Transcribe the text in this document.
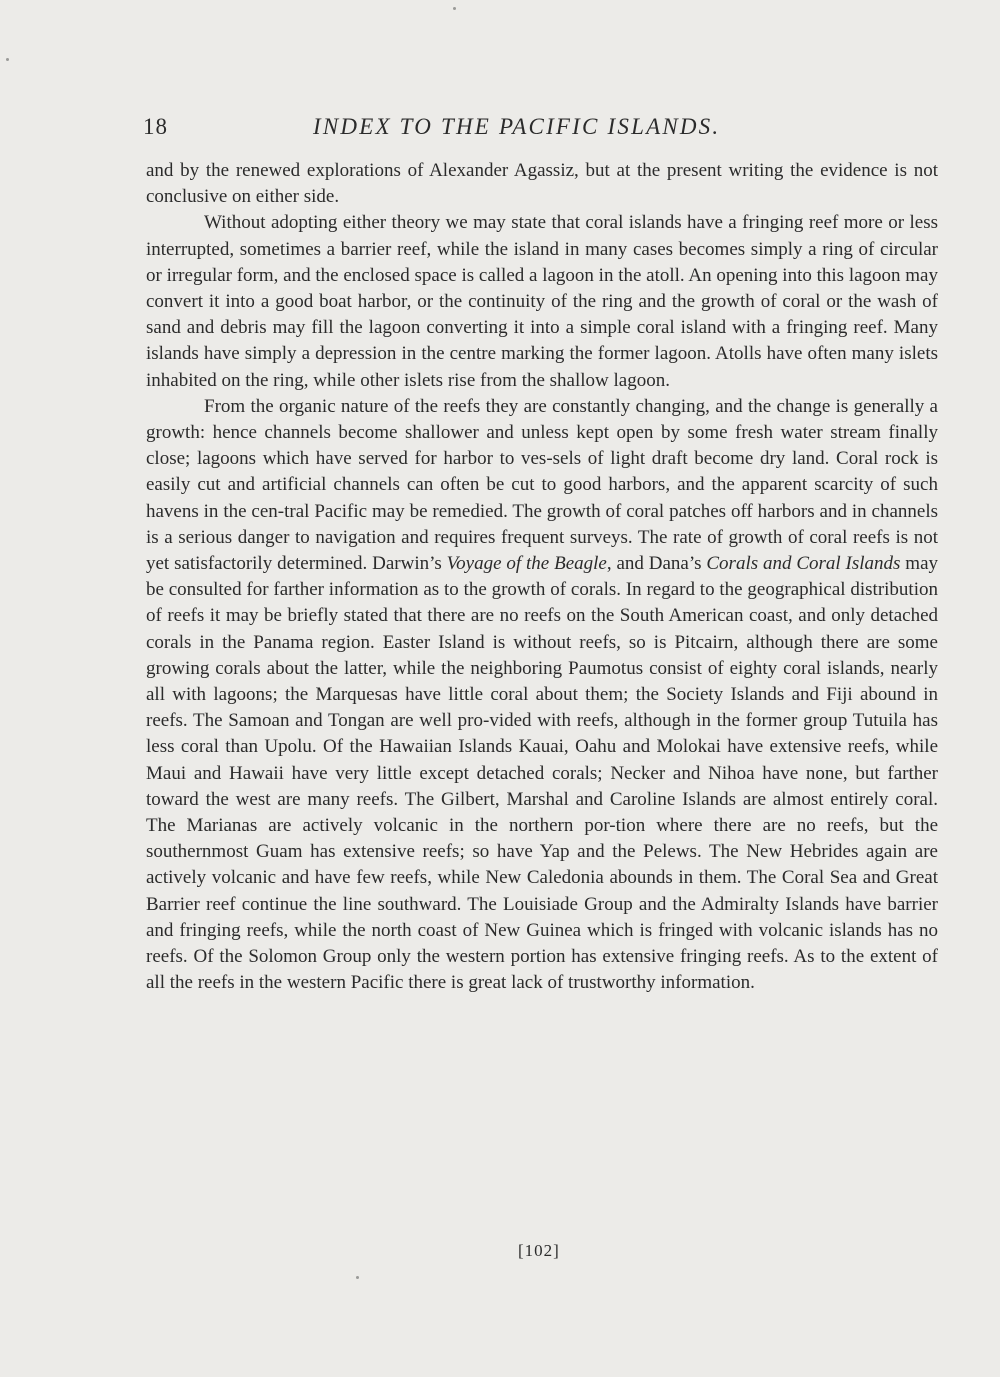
18	INDEX TO THE PACIFIC ISLANDS.

and by the renewed explorations of Alexander Agassiz, but at the present writing the evidence is not conclusive on either side.

Without adopting either theory we may state that coral islands have a fringing reef more or less interrupted, sometimes a barrier reef, while the island in many cases becomes simply a ring of circular or irregular form, and the enclosed space is called a lagoon in the atoll. An opening into this lagoon may convert it into a good boat harbor, or the continuity of the ring and the growth of coral or the wash of sand and debris may fill the lagoon converting it into a simple coral island with a fringing reef. Many islands have simply a depression in the centre marking the former lagoon. Atolls have often many islets inhabited on the ring, while other islets rise from the shallow lagoon.

From the organic nature of the reefs they are constantly changing, and the change is generally a growth: hence channels become shallower and unless kept open by some fresh water stream finally close; lagoons which have served for harbor to ves-sels of light draft become dry land. Coral rock is easily cut and artificial channels can often be cut to good harbors, and the apparent scarcity of such havens in the cen-tral Pacific may be remedied. The growth of coral patches off harbors and in channels is a serious danger to navigation and requires frequent surveys. The rate of growth of coral reefs is not yet satisfactorily determined. Darwin’s Voyage of the Beagle, and Dana’s Corals and Coral Islands may be consulted for farther information as to the growth of corals. In regard to the geographical distribution of reefs it may be briefly stated that there are no reefs on the South American coast, and only detached corals in the Panama region. Easter Island is without reefs, so is Pitcairn, although there are some growing corals about the latter, while the neighboring Paumotus consist of eighty coral islands, nearly all with lagoons; the Marquesas have little coral about them; the Society Islands and Fiji abound in reefs. The Samoan and Tongan are well pro-vided with reefs, although in the former group Tutuila has less coral than Upolu. Of the Hawaiian Islands Kauai, Oahu and Molokai have extensive reefs, while Maui and Hawaii have very little except detached corals; Necker and Nihoa have none, but farther toward the west are many reefs. The Gilbert, Marshal and Caroline Islands are almost entirely coral. The Marianas are actively volcanic in the northern por-tion where there are no reefs, but the southernmost Guam has extensive reefs; so have Yap and the Pelews. The New Hebrides again are actively volcanic and have few reefs, while New Caledonia abounds in them. The Coral Sea and Great Barrier reef continue the line southward. The Louisiade Group and the Admiralty Islands have barrier and fringing reefs, while the north coast of New Guinea which is fringed with volcanic islands has no reefs. Of the Solomon Group only the western portion has extensive fringing reefs. As to the extent of all the reefs in the western Pacific there is great lack of trustworthy information.

[102]
